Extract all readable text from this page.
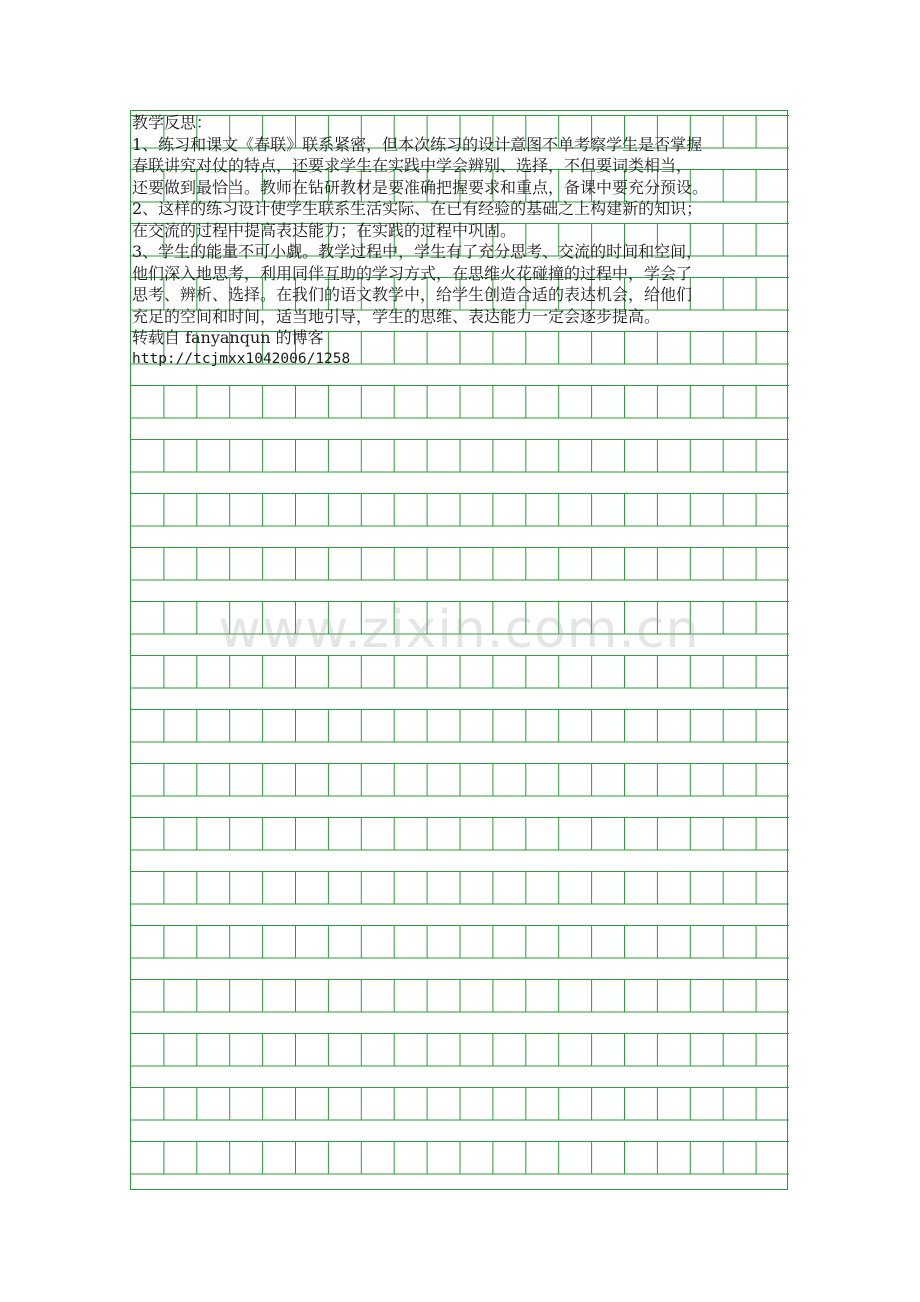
www.zixin.com.cn
教学反思：
1、练习和课文《春联》联系紧密，但本次练习的设计意图不单考察学生是否掌握
春联讲究对仗的特点，还要求学生在实践中学会辨别、选择，不但要词类相当，
还要做到最恰当。教师在钻研教材是要准确把握要求和重点，备课中要充分预设。
2、这样的练习设计使学生联系生活实际、在已有经验的基础之上构建新的知识；
在交流的过程中提高表达能力；在实践的过程中巩固。
3、学生的能量不可小觑。教学过程中，学生有了充分思考、交流的时间和空间，
他们深入地思考，利用同伴互助的学习方式，在思维火花碰撞的过程中，学会了
思考、辨析、选择。在我们的语文教学中，给学生创造合适的表达机会，给他们
充足的空间和时间，适当地引导，学生的思维、表达能力一定会逐步提高。
转载自 fanyanqun 的博客
http://tcjmxx1042006/1258
